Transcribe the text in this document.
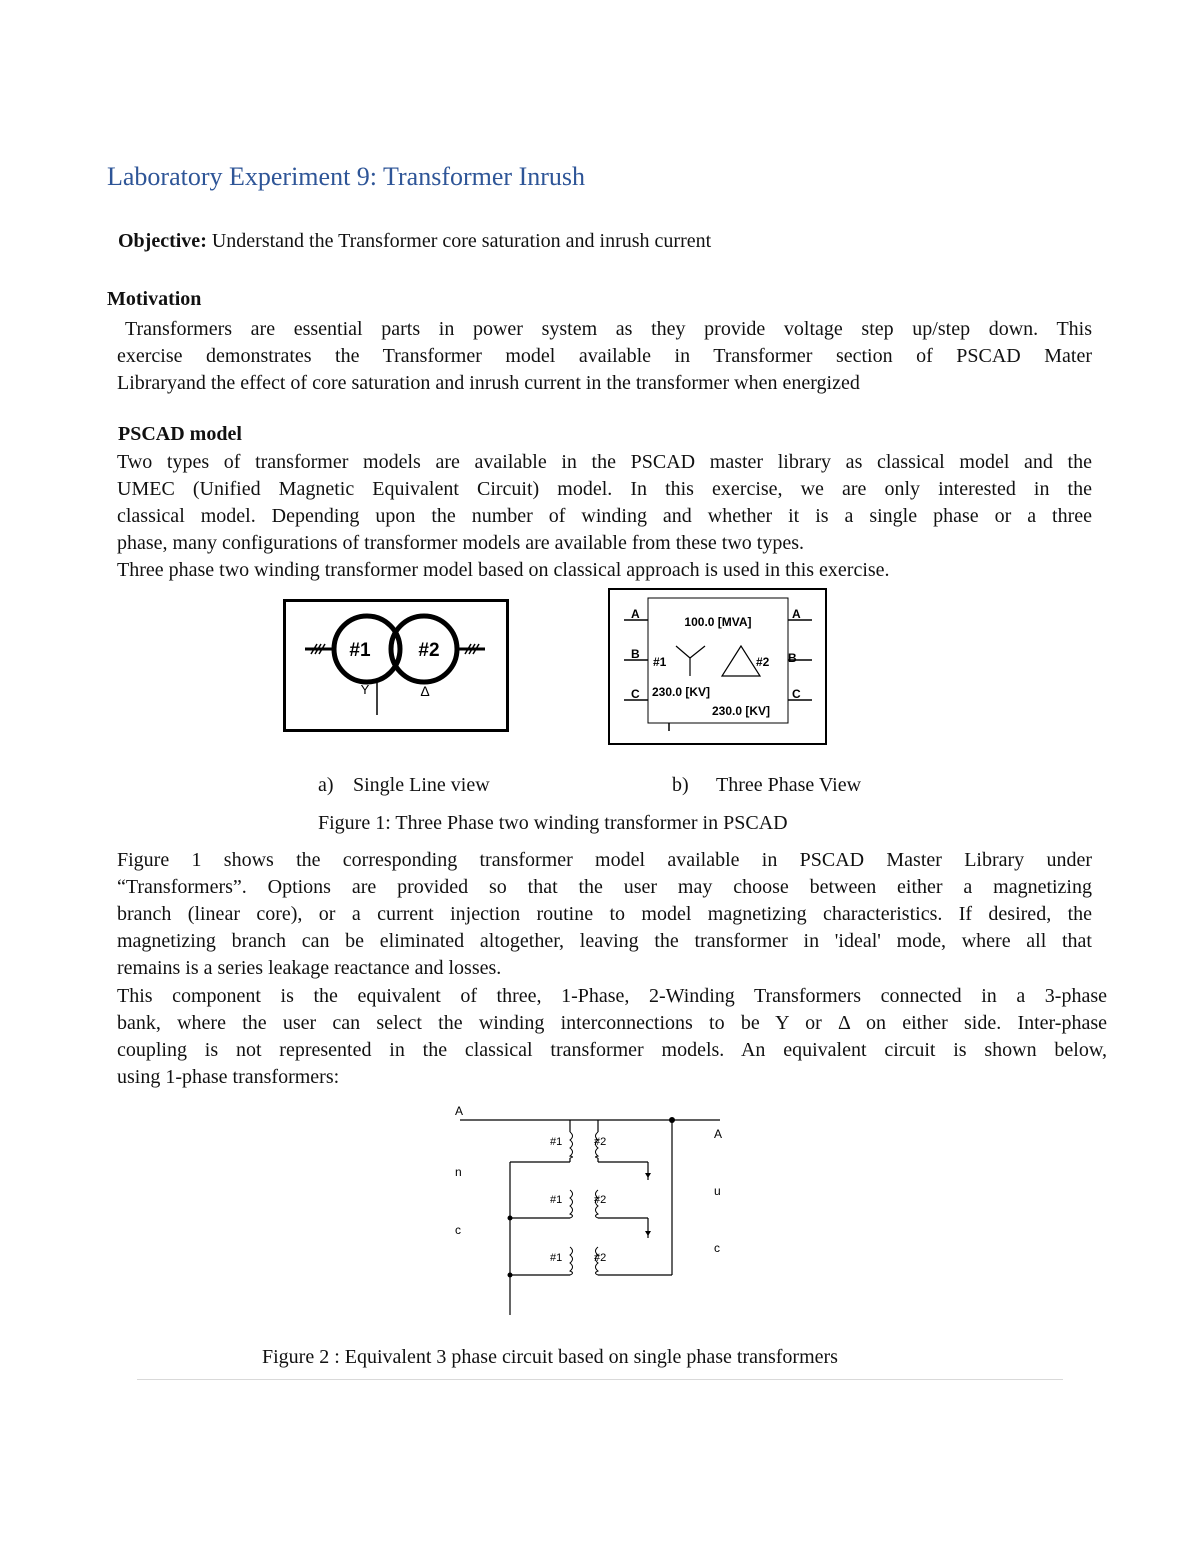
Laboratory Experiment 9: Transformer Inrush
Objective: Understand the Transformer core saturation and inrush current
Motivation
Transformers are essential parts in power system as they provide voltage step up/step down. This
exercise demonstrates the Transformer model available in Transformer section of PSCAD Mater
Libraryand the effect of core saturation and inrush current in the transformer when energized
PSCAD model
Two types of transformer models are available in the PSCAD master library as classical model and the
UMEC (Unified Magnetic Equivalent Circuit) model. In this exercise, we are only interested in the
classical model. Depending upon the number of winding and whether it is a single phase or a three
phase, many configurations of transformer models are available from these two types.
Three phase two winding transformer model based on classical approach is used in this exercise.
#1	#2
Y	Δ
A
B
C
A
B
C
100.0 [MVA]
#1	#2
230.0 [KV]
230.0 [KV]
a) Single Line view	b) Three Phase View
Figure 1: Three Phase two winding transformer in PSCAD
Figure 1 shows the corresponding transformer model available in PSCAD Master Library under
“Transformers”. Options are provided so that the user may choose between either a magnetizing
branch (linear core), or a current injection routine to model magnetizing characteristics. If desired, the
magnetizing branch can be eliminated altogether, leaving the transformer in 'ideal' mode, where all that
remains is a series leakage reactance and losses.
This component is the equivalent of three, 1-Phase, 2-Winding Transformers connected in a 3-phase
bank, where the user can select the winding interconnections to be Y or Δ on either side. Inter-phase
coupling is not represented in the classical transformer models. An equivalent circuit is shown below,
using 1-phase transformers:
A
n
c
A
u
c
#1	#2
#1	#2
#1	#2
Figure 2 : Equivalent 3 phase circuit based on single phase transformers
